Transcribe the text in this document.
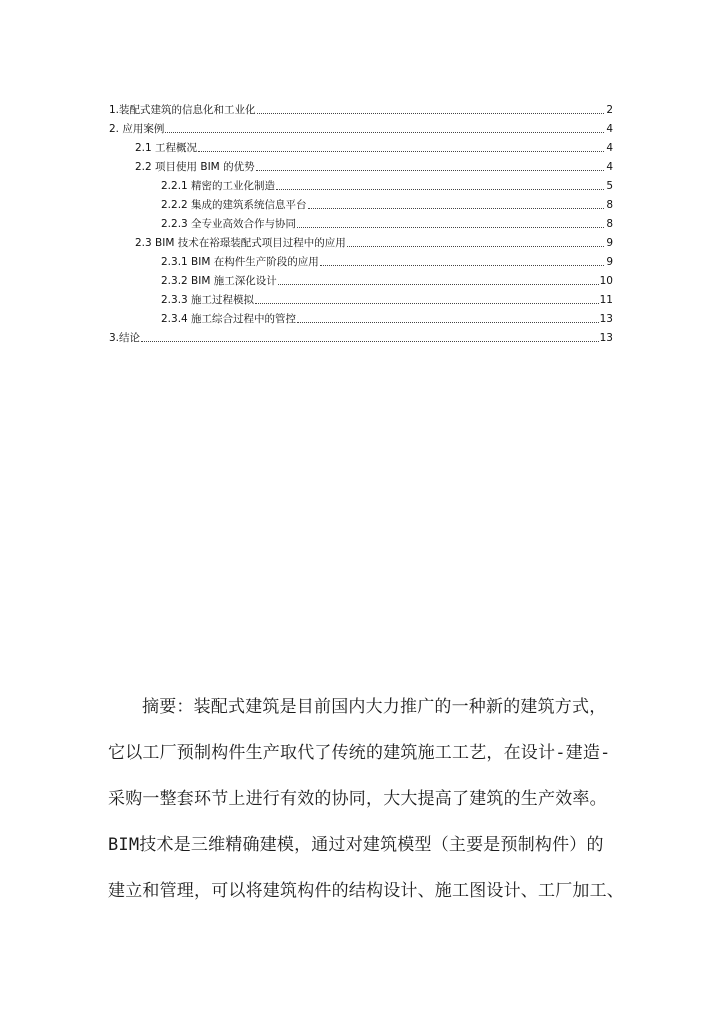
1.装配式建筑的信息化和工业化	2
2. 应用案例	4
2.1 工程概况	4
2.2 项目使用 BIM 的优势	4
2.2.1 精密的工业化制造	5
2.2.2 集成的建筑系统信息平台	8
2.2.3 全专业高效合作与协同	8
2.3 BIM 技术在裕璟装配式项目过程中的应用	9
2.3.1 BIM 在构件生产阶段的应用	9
2.3.2 BIM 施工深化设计	10
2.3.3 施工过程模拟	11
2.3.4 施工综合过程中的管控	13
3.结论	13
摘要：装配式建筑是目前国内大力推广的一种新的建筑方式，
它以工厂预制构件生产取代了传统的建筑施工工艺，在设计-建造-
采购一整套环节上进行有效的协同，大大提高了建筑的生产效率。
BIM技术是三维精确建模，通过对建筑模型（主要是预制构件）的
建立和管理，可以将建筑构件的结构设计、施工图设计、工厂加工、
